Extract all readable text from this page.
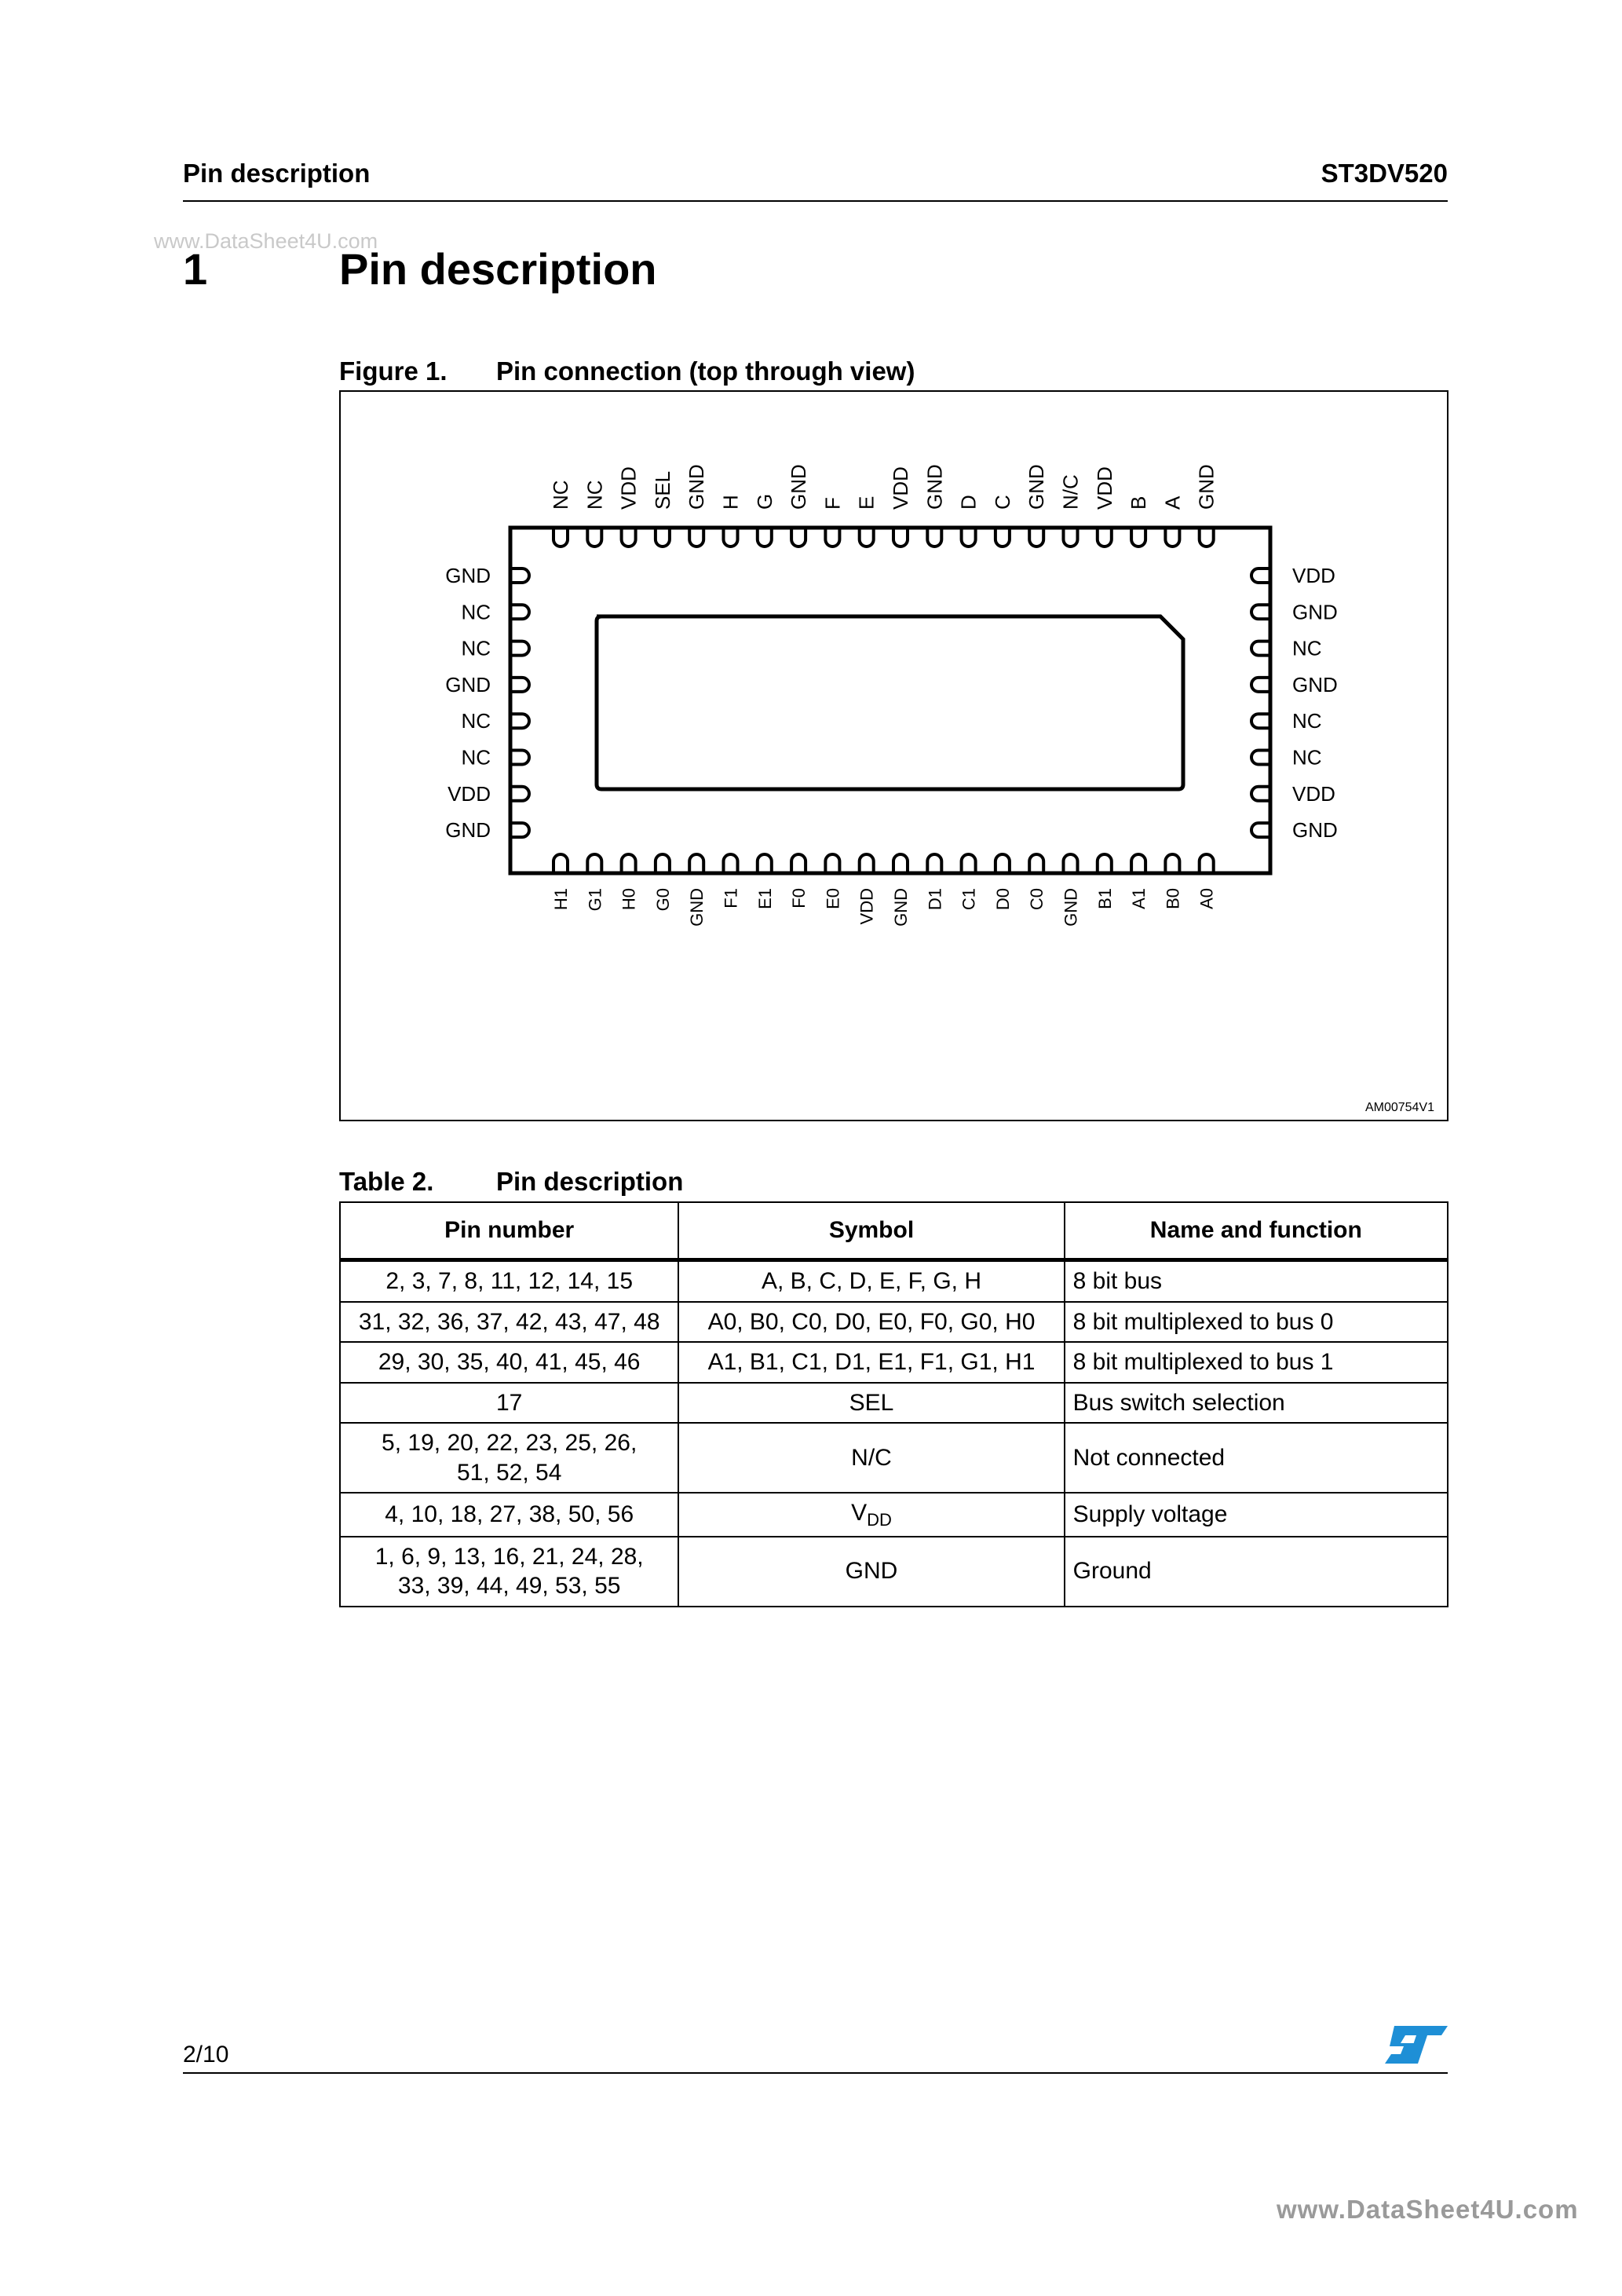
Pin description	ST3DV520
www.DataSheet4U.com
1	Pin description
Figure 1. Pin connection (top through view)
NC NC VDD SEL GND H G GND F E VDD GND D C GND N/C VDD B A GND
H1 G1 H0 G0 GND F1 E1 F0 E0 VDD GND D1 C1 D0 C0 GND B1 A1 B0 A0
GND
NC
NC
GND
NC
NC
VDD
GND
VDD
GND
NC
GND
NC
NC
VDD
GND
AM00754V1
Table 2. Pin description
Pin number	Symbol	Name and function
2, 3, 7, 8, 11, 12, 14, 15	A, B, C, D, E, F, G, H	8 bit bus
31, 32, 36, 37, 42, 43, 47, 48	A0, B0, C0, D0, E0, F0, G0, H0	8 bit multiplexed to bus 0
29, 30, 35, 40, 41, 45, 46	A1, B1, C1, D1, E1, F1, G1, H1	8 bit multiplexed to bus 1
17	SEL	Bus switch selection
5, 19, 20, 22, 23, 25, 26, 51, 52, 54	N/C	Not connected
4, 10, 18, 27, 38, 50, 56	$V_{DD}$	Supply voltage
1, 6, 9, 13, 16, 21, 24, 28, 33, 39, 44, 49, 53, 55	GND	Ground
2/10
www.DataSheet4U.com
